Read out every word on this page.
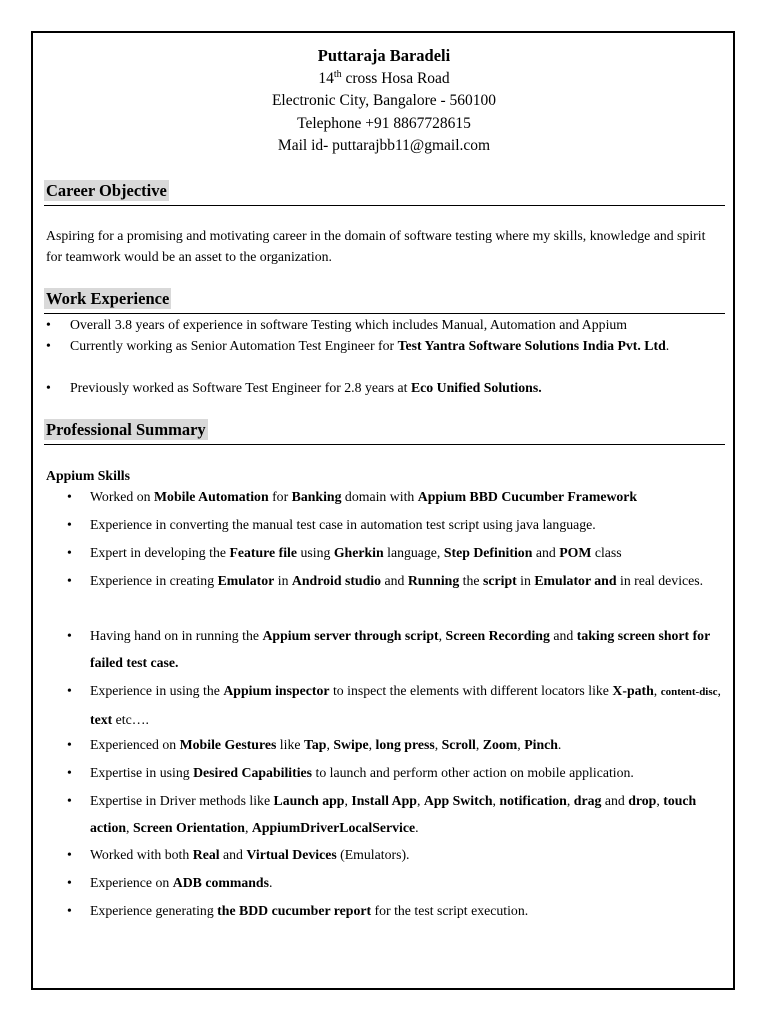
Puttaraja Baradeli
14th cross Hosa Road
Electronic City, Bangalore - 560100
Telephone +91 8867728615
Mail id- puttarajbb11@gmail.com
Career Objective
Aspiring for a promising and motivating career in the domain of software testing where my skills, knowledge and spirit for teamwork would be an asset to the organization.
Work Experience
•	Overall 3.8 years of experience in software Testing which includes Manual, Automation and Appium
•	Currently working as Senior Automation Test Engineer for Test Yantra Software Solutions India Pvt. Ltd.
•	Previously worked as Software Test Engineer for 2.8 years at Eco Unified Solutions.
Professional Summary
Appium Skills
•	Worked on Mobile Automation for Banking domain with Appium BBD Cucumber Framework
•	Experience in converting the manual test case in automation test script using java language.
•	Expert in developing the Feature file using Gherkin language, Step Definition and POM class
•	Experience in creating Emulator in Android studio and Running the script in Emulator and in real devices.
•	Having hand on in running the Appium server through script, Screen Recording and taking screen short for failed test case.
•	Experience in using the Appium inspector to inspect the elements with different locators like X-path, content-disc, text etc….
•	Experienced on Mobile Gestures like Tap, Swipe, long press, Scroll, Zoom, Pinch.
•	Expertise in using Desired Capabilities to launch and perform other action on mobile application.
•	Expertise in Driver methods like Launch app, Install App, App Switch, notification, drag and drop, touch action, Screen Orientation, AppiumDriverLocalService.
•	Worked with both Real and Virtual Devices (Emulators).
•	Experience on ADB commands.
•	Experience generating the BDD cucumber report for the test script execution.
